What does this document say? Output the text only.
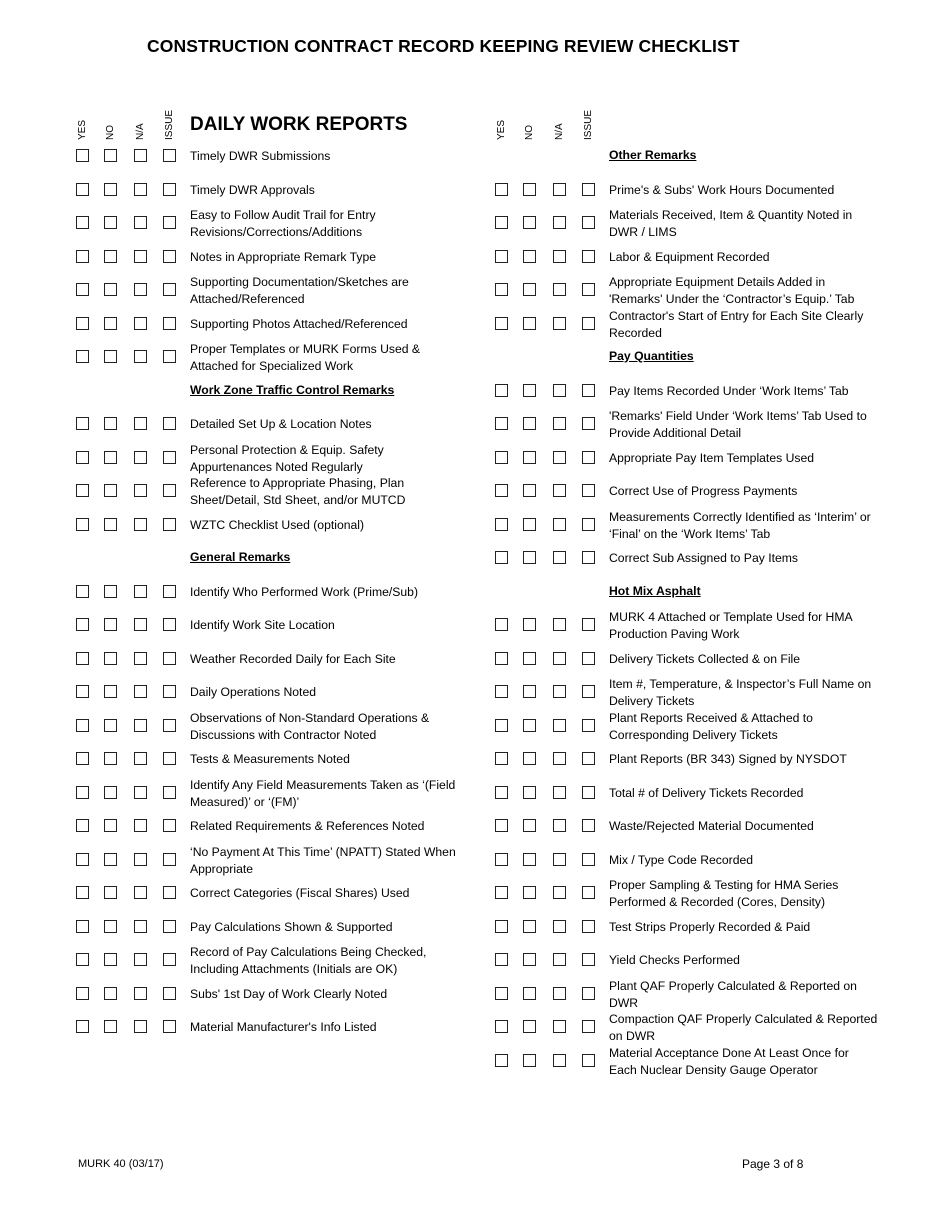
CONSTRUCTION CONTRACT RECORD KEEPING REVIEW CHECKLIST
YES NO N/A ISSUE DAILY WORK REPORTS
Timely DWR Submissions
Timely DWR Approvals
Easy to Follow Audit Trail for Entry Revisions/Corrections/Additions
Notes in Appropriate Remark Type
Supporting Documentation/Sketches are Attached/Referenced
Supporting Photos Attached/Referenced
Proper Templates or MURK Forms Used & Attached for Specialized Work
Work Zone Traffic Control Remarks
Detailed Set Up & Location Notes
Personal Protection & Equip. Safety Appurtenances Noted Regularly
Reference to Appropriate Phasing, Plan Sheet/Detail, Std Sheet, and/or MUTCD
WZTC Checklist Used (optional)
General Remarks
Identify Who Performed Work (Prime/Sub)
Identify Work Site Location
Weather Recorded Daily for Each Site
Daily Operations Noted
Observations of Non-Standard Operations & Discussions with Contractor Noted
Tests & Measurements Noted
Identify Any Field Measurements Taken as ‘(Field Measured)’ or ‘(FM)’
Related Requirements & References Noted
‘No Payment At This Time’ (NPATT) Stated When Appropriate
Correct Categories (Fiscal Shares) Used
Pay Calculations Shown & Supported
Record of Pay Calculations Being Checked, Including Attachments (Initials are OK)
Subs' 1st Day of Work Clearly Noted
Material Manufacturer's Info Listed
YES NO N/A ISSUE
Other Remarks
Prime's & Subs' Work Hours Documented
Materials Received, Item & Quantity Noted in DWR / LIMS
Labor & Equipment Recorded
Appropriate Equipment Details Added in 'Remarks' Under the ‘Contractor’s Equip.’ Tab
Contractor's Start of Entry for Each Site Clearly Recorded
Pay Quantities
Pay Items Recorded Under ‘Work Items’ Tab
'Remarks' Field Under ‘Work Items’ Tab Used to Provide Additional Detail
Appropriate Pay Item Templates Used
Correct Use of Progress Payments
Measurements Correctly Identified as ‘Interim’ or ‘Final’ on the ‘Work Items’ Tab
Correct Sub Assigned to Pay Items
Hot Mix Asphalt
MURK 4 Attached or Template Used for HMA Production Paving Work
Delivery Tickets Collected & on File
Item #, Temperature, & Inspector’s Full Name on Delivery Tickets
Plant Reports Received & Attached to Corresponding Delivery Tickets
Plant Reports (BR 343) Signed by NYSDOT
Total # of Delivery Tickets Recorded
Waste/Rejected Material Documented
Mix / Type Code Recorded
Proper Sampling & Testing for HMA Series Performed & Recorded (Cores, Density)
Test Strips Properly Recorded & Paid
Yield Checks Performed
Plant QAF Properly Calculated & Reported on DWR
Compaction QAF Properly Calculated & Reported on DWR
Material Acceptance Done At Least Once for Each Nuclear Density Gauge Operator
MURK 40 (03/17)	Page 3 of 8
